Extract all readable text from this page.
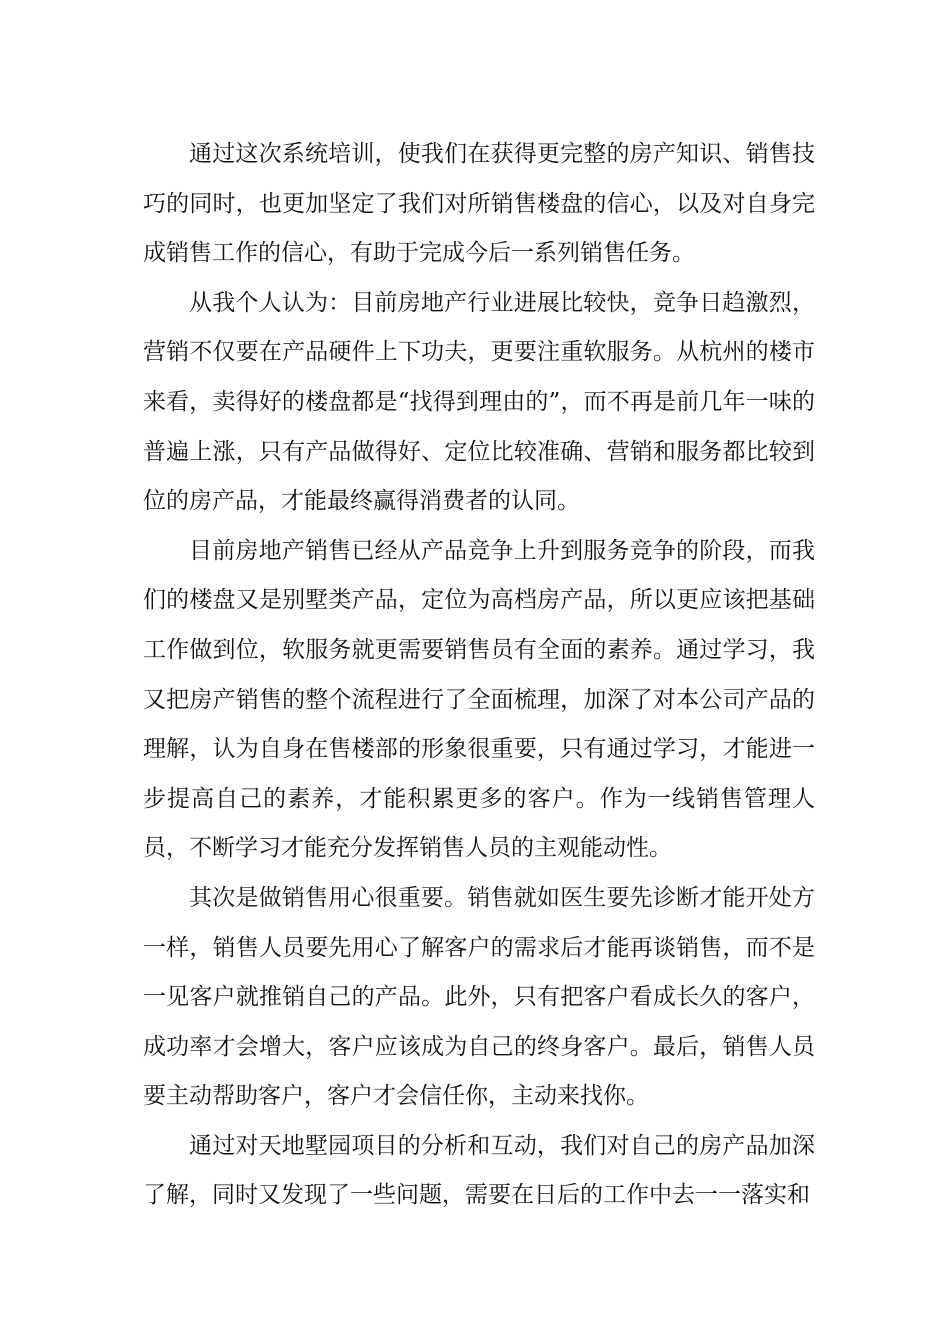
通过这次系统培训，使我们在获得更完整的房产知识、销售技巧的同时，也更加坚定了我们对所销售楼盘的信心，以及对自身完成销售工作的信心，有助于完成今后一系列销售任务。

从我个人认为：目前房地产行业进展比较快，竞争日趋激烈，营销不仅要在产品硬件上下功夫，更要注重软服务。从杭州的楼市来看，卖得好的楼盘都是“找得到理由的”，而不再是前几年一味的普遍上涨，只有产品做得好、定位比较准确、营销和服务都比较到位的房产品，才能最终赢得消费者的认同。

目前房地产销售已经从产品竞争上升到服务竞争的阶段，而我们的楼盘又是别墅类产品，定位为高档房产品，所以更应该把基础工作做到位，软服务就更需要销售员有全面的素养。通过学习，我又把房产销售的整个流程进行了全面梳理，加深了对本公司产品的理解，认为自身在售楼部的形象很重要，只有通过学习，才能进一步提高自己的素养，才能积累更多的客户。作为一线销售管理人员，不断学习才能充分发挥销售人员的主观能动性。

其次是做销售用心很重要。销售就如医生要先诊断才能开处方一样，销售人员要先用心了解客户的需求后才能再谈销售，而不是一见客户就推销自己的产品。此外，只有把客户看成长久的客户，成功率才会增大，客户应该成为自己的终身客户。最后，销售人员要主动帮助客户，客户才会信任你，主动来找你。

通过对天地墅园项目的分析和互动，我们对自己的房产品加深了解，同时又发现了一些问题，需要在日后的工作中去一一落实和
